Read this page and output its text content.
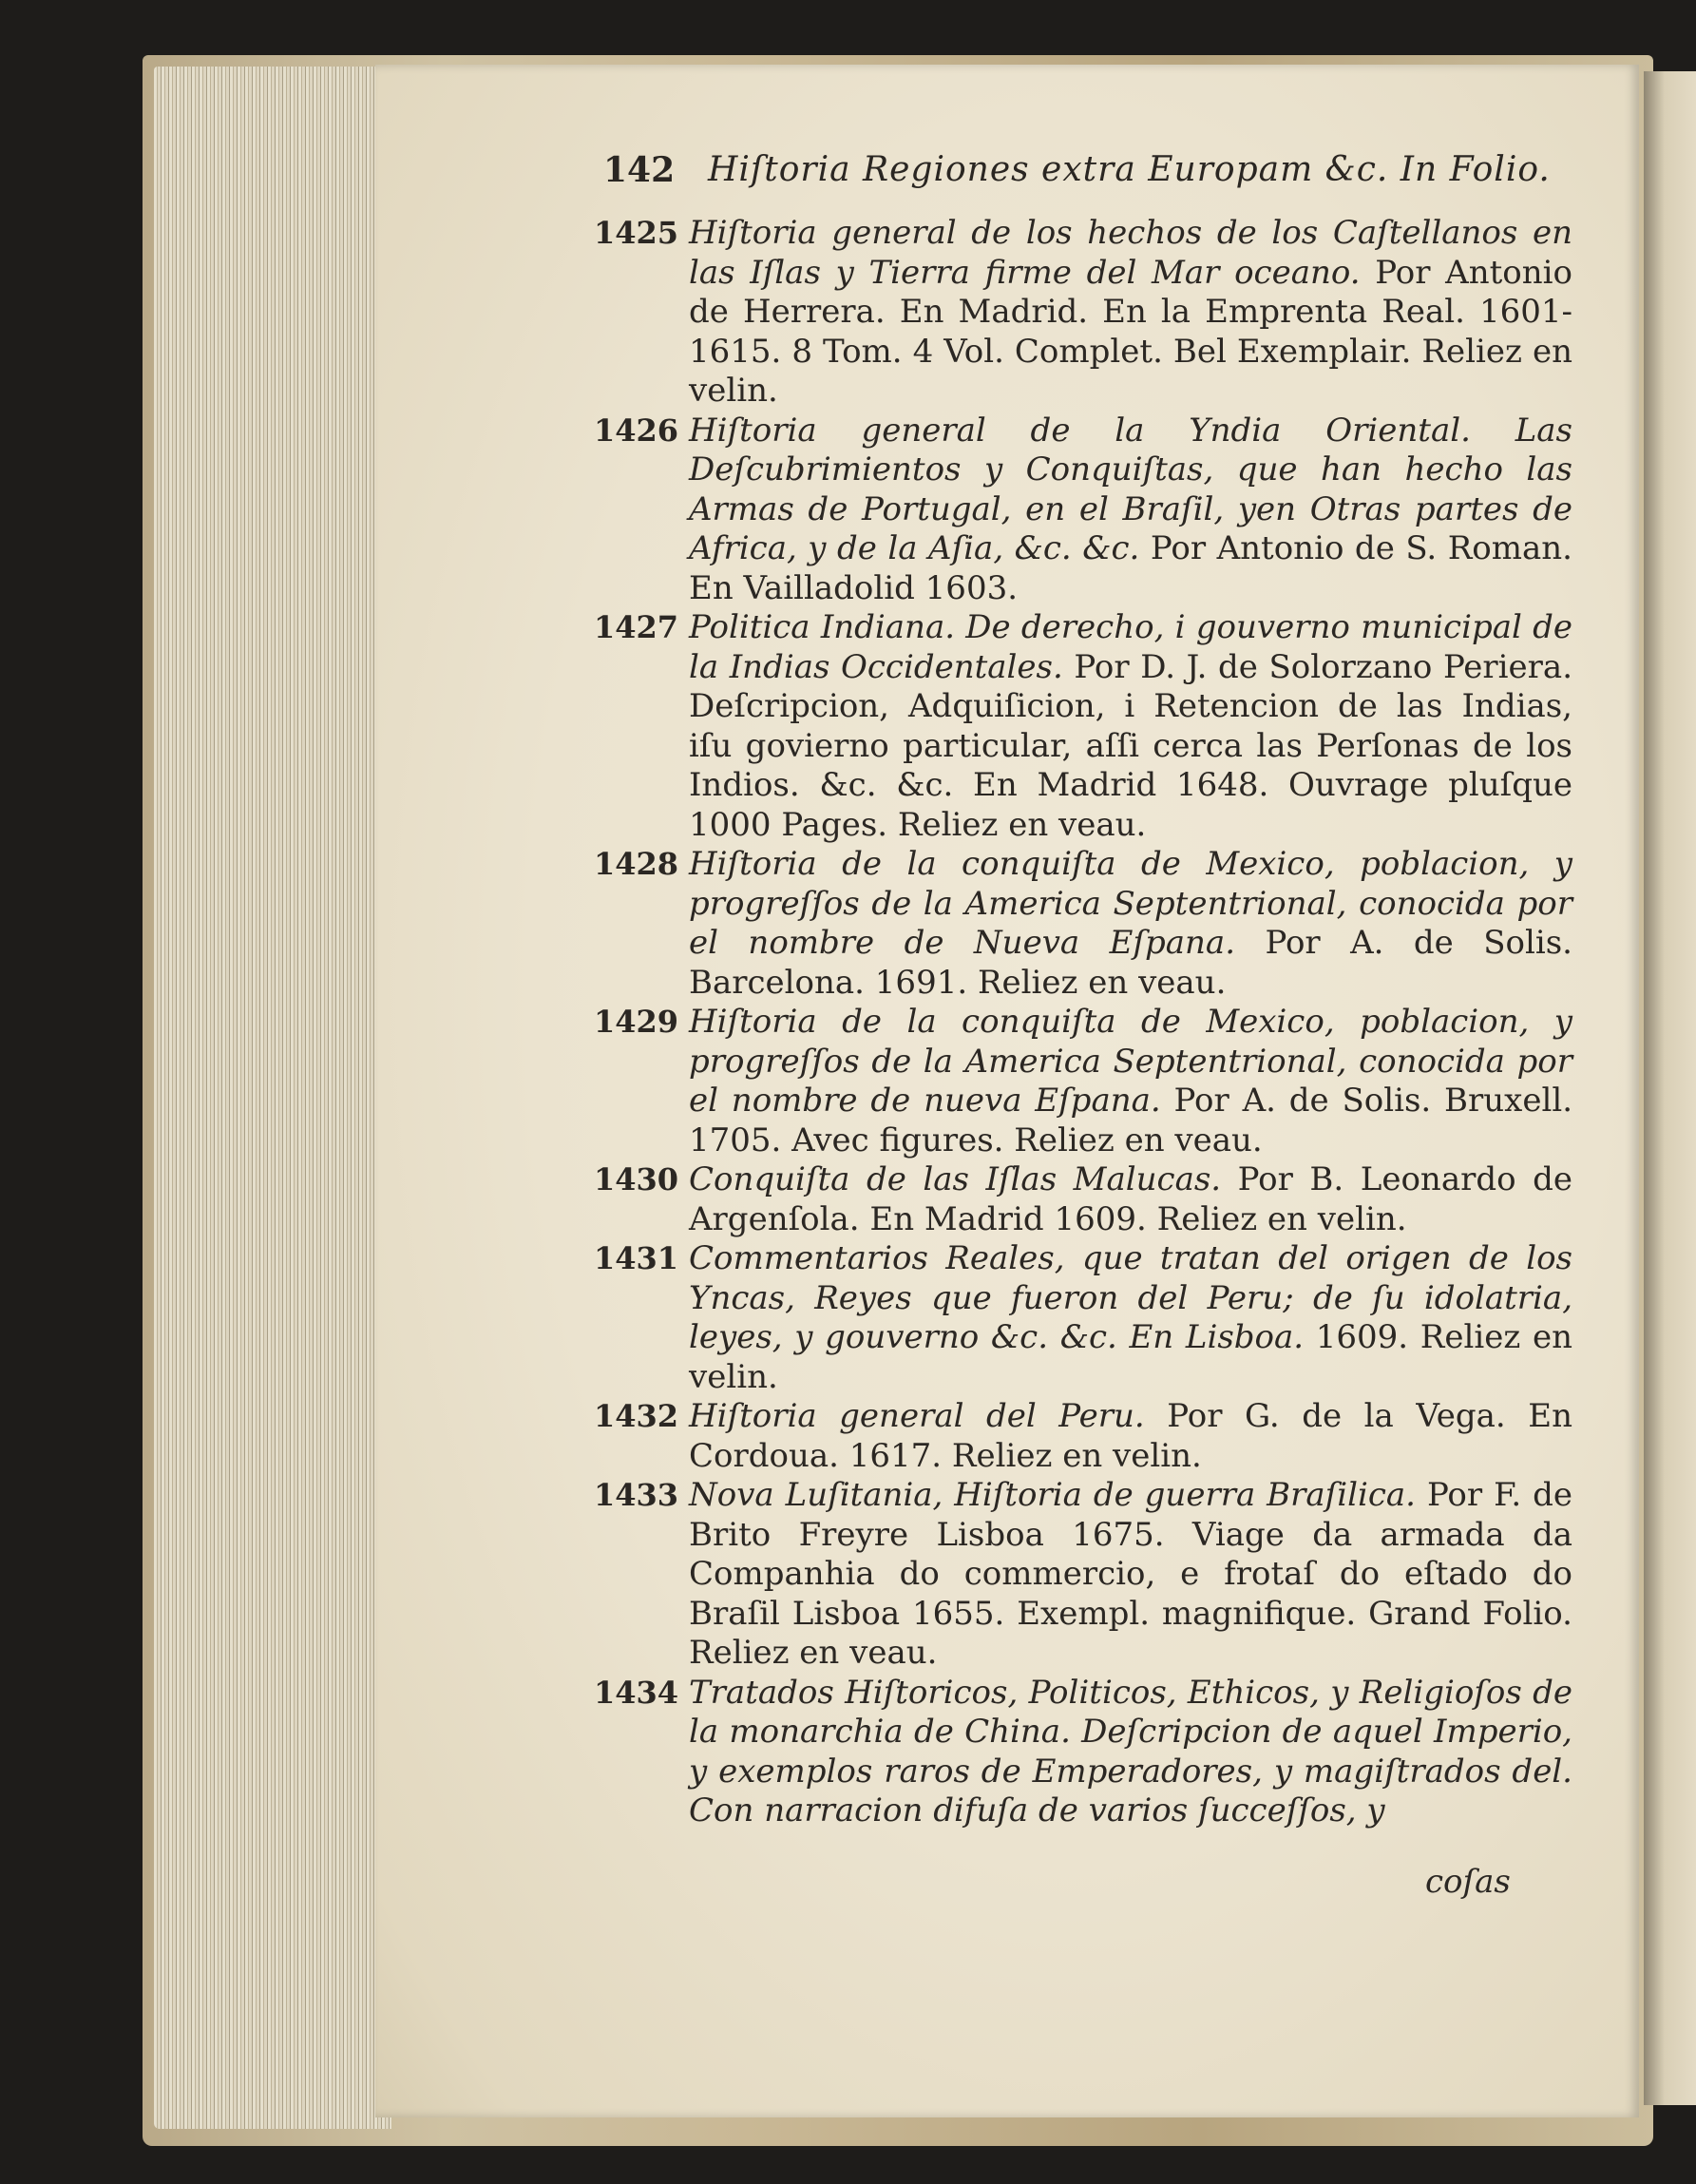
142 Hiſtoria Regiones extra Europam &c. In Folio.
1425 Hiſtoria general de los hechos de los Caſtellanos en las Iſlas y Tierra firme del Mar oceano. Por Antonio de Herrera. En Madrid. En la Emprenta Real. 1601-1615. 8 Tom. 4 Vol. Complet. Bel Exemplair. Reliez en velin.
1426 Hiſtoria general de la Yndia Oriental. Las Deſcubrimientos y Conquiſtas, que han hecho las Armas de Portugal, en el Braſil, yen Otras partes de Africa, y de la Aſia, &c. &c. Por Antonio de S. Roman. En Vailladolid 1603.
1427 Politica Indiana. De derecho, i gouverno municipal de la Indias Occidentales. Por D. J. de Solorzano Periera. Deſcripcion, Adquiſicion, i Retencion de las Indias, iſu govierno particular, aſſi cerca las Perſonas de los Indios. &c. &c. En Madrid 1648. Ouvrage pluſque 1000 Pages. Reliez en veau.
1428 Hiſtoria de la conquiſta de Mexico, poblacion, y progreſſos de la America Septentrional, conocida por el nombre de Nueva Eſpana. Por A. de Solis. Barcelona. 1691. Reliez en veau.
1429 Hiſtoria de la conquiſta de Mexico, poblacion, y progreſſos de la America Septentrional, conocida por el nombre de nueva Eſpana. Por A. de Solis. Bruxell. 1705. Avec figures. Reliez en veau.
1430 Conquiſta de las Iſlas Malucas. Por B. Leonardo de Argenſola. En Madrid 1609. Reliez en velin.
1431 Commentarios Reales, que tratan del origen de los Yncas, Reyes que fueron del Peru; de ſu idolatria, leyes, y gouverno &c. &c. En Lisboa. 1609. Reliez en velin.
1432 Hiſtoria general del Peru. Por G. de la Vega. En Cordoua. 1617. Reliez en velin.
1433 Nova Luſitania, Hiſtoria de guerra Braſilica. Por F. de Brito Freyre Lisboa 1675. Viage da armada da Companhia do commercio, e frotaſ do eſtado do Braſil Lisboa 1655. Exempl. magnifique. Grand Folio. Reliez en veau.
1434 Tratados Hiſtoricos, Politicos, Ethicos, y Religioſos de la monarchia de China. Deſcripcion de aquel Imperio, y exemplos raros de Emperadores, y magiſtrados del. Con narracion difuſa de varios ſucceſſos, y
coſas
